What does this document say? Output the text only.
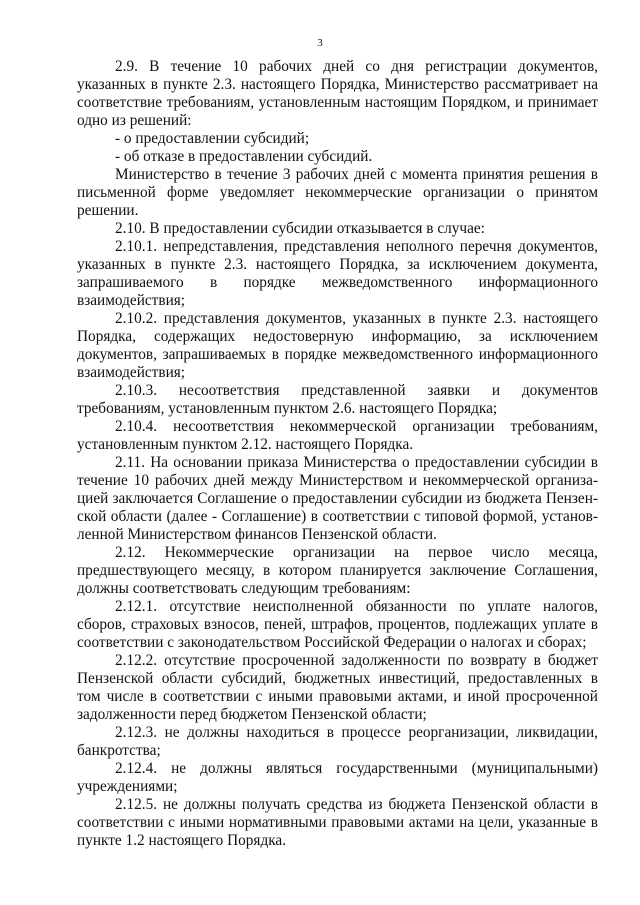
3

2.9. В течение 10 рабочих дней со дня регистрации документов, указанных в пункте 2.3. настоящего Порядка, Министерство рассматривает на соответствие требованиям, установленным настоящим Порядком, и принимает одно из решений:

- о предоставлении субсидий;

- об отказе в предоставлении субсидий.

Министерство в течение 3 рабочих дней с момента принятия решения в письменной форме уведомляет некоммерческие организации о принятом решении.

2.10. В предоставлении субсидии отказывается в случае:

2.10.1. непредставления, представления неполного перечня документов, указанных в пункте 2.3. настоящего Порядка, за исключением документа, запрашиваемого в порядке межведомственного информационного взаимодействия;

2.10.2. представления документов, указанных в пункте 2.3. настоящего Порядка, содержащих недостоверную информацию, за исключением документов, запрашиваемых в порядке межведомственного информационного взаимодействия;

2.10.3. несоответствия представленной заявки и документов требованиям, установленным пунктом 2.6. настоящего Порядка;

2.10.4. несоответствия некоммерческой организации требованиям, установленным пунктом 2.12. настоящего Порядка.

2.11. На основании приказа Министерства о предоставлении субсидии в течение 10 рабочих дней между Министерством и некоммерческой организацией заключается Соглашение о предоставлении субсидии из бюджета Пензенской области (далее - Соглашение) в соответствии с типовой формой, установленной Министерством финансов Пензенской области.

2.12. Некоммерческие организации на первое число месяца, предшествующего месяцу, в котором планируется заключение Соглашения, должны соответствовать следующим требованиям:

2.12.1. отсутствие неисполненной обязанности по уплате налогов, сборов, страховых взносов, пеней, штрафов, процентов, подлежащих уплате в соответствии с законодательством Российской Федерации о налогах и сборах;

2.12.2. отсутствие просроченной задолженности по возврату в бюджет Пензенской области субсидий, бюджетных инвестиций, предоставленных в том числе в соответствии с иными правовыми актами, и иной просроченной задолженности перед бюджетом Пензенской области;

2.12.3. не должны находиться в процессе реорганизации, ликвидации, банкротства;

2.12.4. не должны являться государственными (муниципальными) учреждениями;

2.12.5. не должны получать средства из бюджета Пензенской области в соответствии с иными нормативными правовыми актами на цели, указанные в пункте 1.2 настоящего Порядка.
